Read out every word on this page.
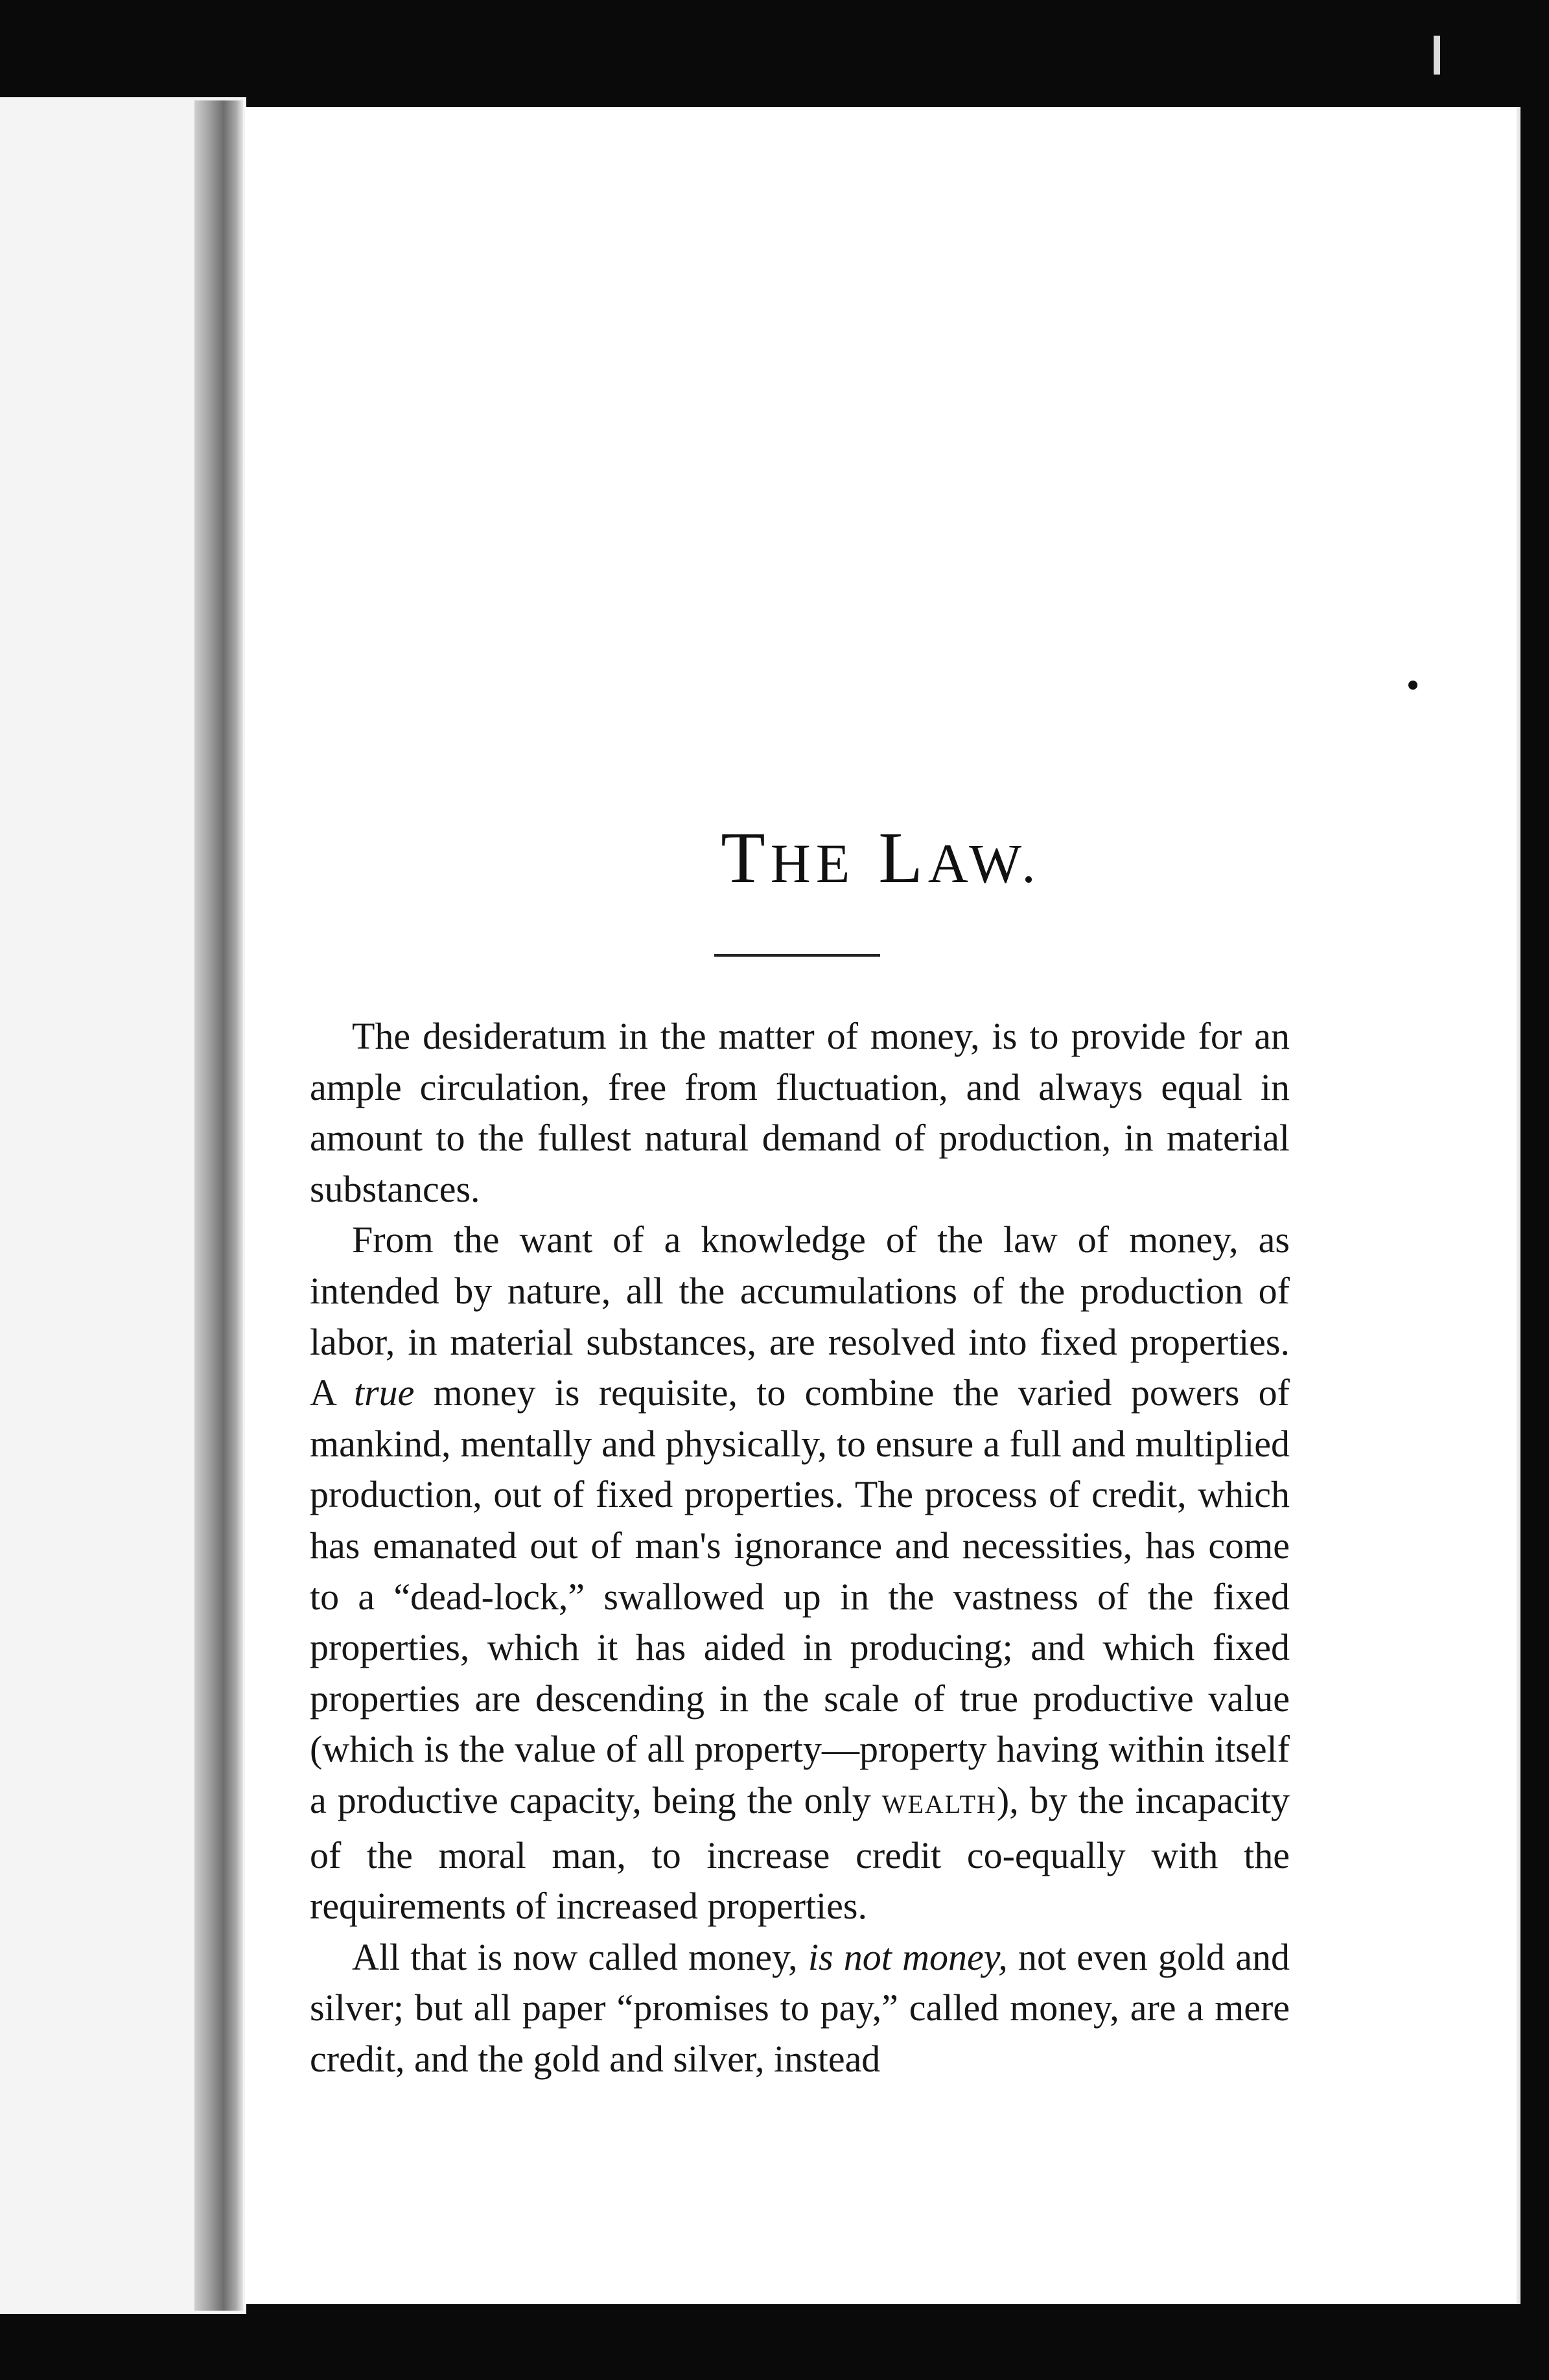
THE LAW.

The desideratum in the matter of money, is to provide for an ample circulation, free from fluctuation, and always equal in amount to the fullest natural demand of production, in material substances.

From the want of a knowledge of the law of money, as intended by nature, all the accumulations of the production of labor, in material substances, are resolved into fixed properties. A true money is requisite, to combine the varied powers of mankind, mentally and physically, to ensure a full and multiplied production, out of fixed properties. The process of credit, which has emanated out of man's ignorance and necessities, has come to a “dead-lock,” swallowed up in the vastness of the fixed properties, which it has aided in producing; and which fixed properties are descending in the scale of true productive value (which is the value of all property—property having within itself a productive capacity, being the only WEALTH), by the incapacity of the moral man, to increase credit co-equally with the requirements of increased properties.

All that is now called money, is not money, not even gold and silver; but all paper “promises to pay,” called money, are a mere credit, and the gold and silver, instead
